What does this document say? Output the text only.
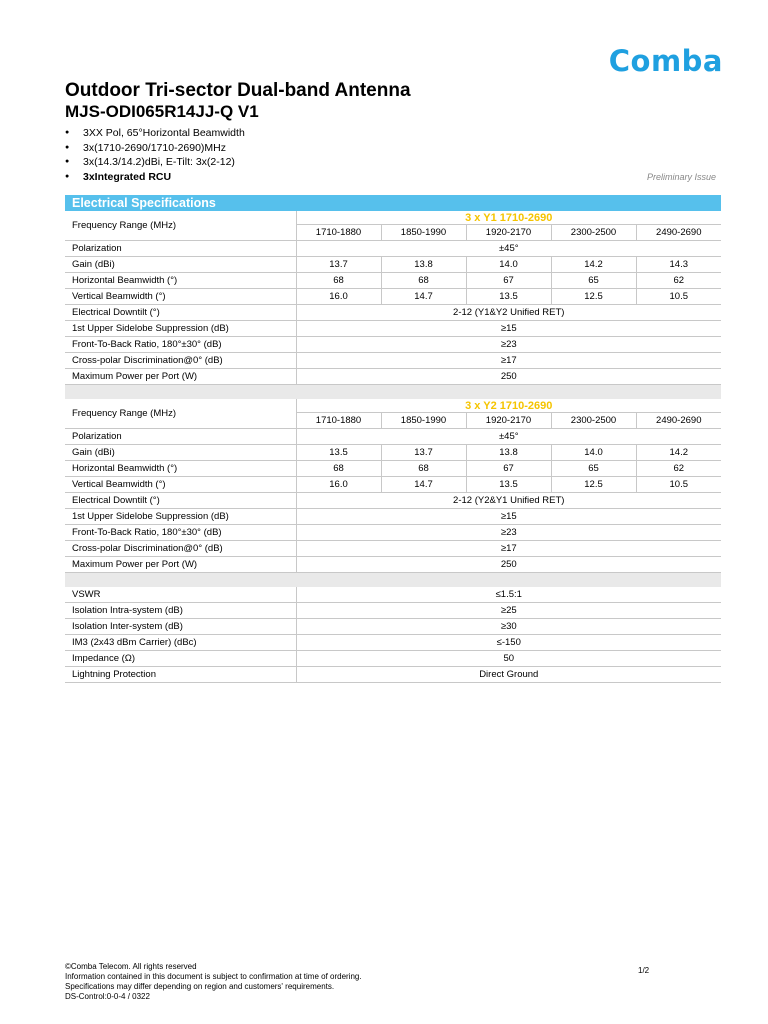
Comba
Outdoor Tri-sector Dual-band Antenna
MJS-ODI065R14JJ-Q V1
● 3XX Pol, 65°Horizontal Beamwidth
● 3x(1710-2690/1710-2690)MHz
● 3x(14.3/14.2)dBi, E-Tilt: 3x(2-12)
● 3xIntegrated RCU	Preliminary Issue
Electrical Specifications
Frequency Range (MHz)	3 x Y1 1710-2690				
	1710-1880	1850-1990	1920-2170	2300-2500	2490-2690
Polarization	±45°				
Gain (dBi)	13.7	13.8	14.0	14.2	14.3
Horizontal Beamwidth (°)	68	68	67	65	62
Vertical Beamwidth (°)	16.0	14.7	13.5	12.5	10.5
Electrical Downtilt (°)	2-12 (Y1&Y2 Unified RET)				
1st Upper Sidelobe Suppression (dB)	≥15				
Front-To-Back Ratio, 180°±30° (dB)	≥23				
Cross-polar Discrimination@0° (dB)	≥17				
Maximum Power per Port (W)	250				

Frequency Range (MHz)	3 x Y2 1710-2690				
	1710-1880	1850-1990	1920-2170	2300-2500	2490-2690
Polarization	±45°				
Gain (dBi)	13.5	13.7	13.8	14.0	14.2
Horizontal Beamwidth (°)	68	68	67	65	62
Vertical Beamwidth (°)	16.0	14.7	13.5	12.5	10.5
Electrical Downtilt (°)	2-12 (Y2&Y1 Unified RET)				
1st Upper Sidelobe Suppression (dB)	≥15				
Front-To-Back Ratio, 180°±30° (dB)	≥23				
Cross-polar Discrimination@0° (dB)	≥17				
Maximum Power per Port (W)	250				

VSWR	≤1.5:1				
Isolation Intra-system (dB)	≥25				
Isolation Inter-system (dB)	≥30				
IM3 (2x43 dBm Carrier) (dBc)	≤-150				
Impedance (Ω)	50				
Lightning Protection	Direct Ground				
©Comba Telecom. All rights reserved
Information contained in this document is subject to confirmation at time of ordering.
Specifications may differ depending on region and customers' requirements.
DS-Control:0-0-4 / 0322
1/2
